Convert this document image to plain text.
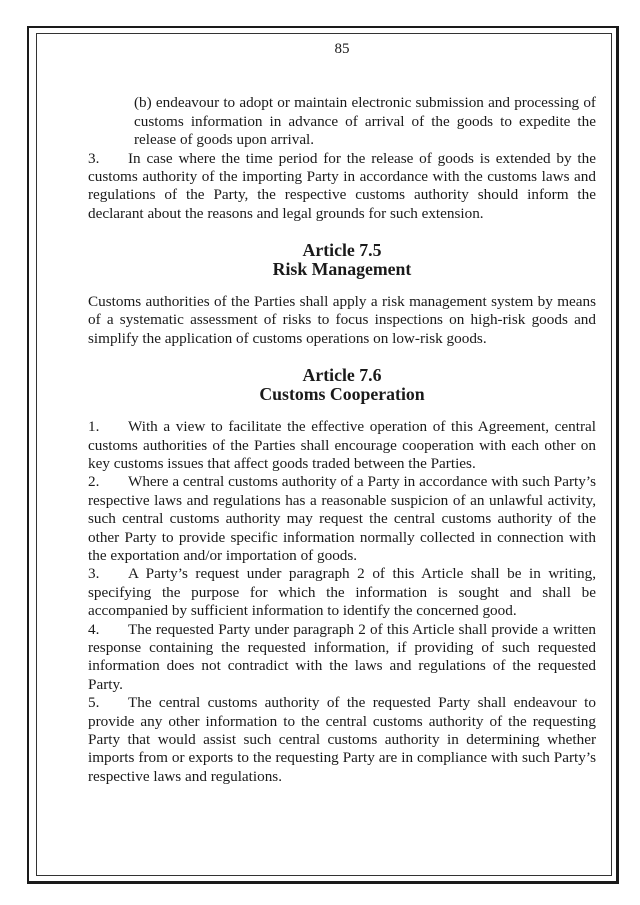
85

(b) endeavour to adopt or maintain electronic submission and processing of customs information in advance of arrival of the goods to expedite the release of goods upon arrival.

3. In case where the time period for the release of goods is extended by the customs authority of the importing Party in accordance with the customs laws and regulations of the Party, the respective customs authority should inform the declarant about the reasons and legal grounds for such extension.

Article 7.5
Risk Management

Customs authorities of the Parties shall apply a risk management system by means of a systematic assessment of risks to focus inspections on high-risk goods and simplify the application of customs operations on low-risk goods.

Article 7.6
Customs Cooperation

1. With a view to facilitate the effective operation of this Agreement, central customs authorities of the Parties shall encourage cooperation with each other on key customs issues that affect goods traded between the Parties.

2. Where a central customs authority of a Party in accordance with such Party’s respective laws and regulations has a reasonable suspicion of an unlawful activity, such central customs authority may request the central customs authority of the other Party to provide specific information normally collected in connection with the exportation and/or importation of goods.

3. A Party’s request under paragraph 2 of this Article shall be in writing, specifying the purpose for which the information is sought and shall be accompanied by sufficient information to identify the concerned good.

4. The requested Party under paragraph 2 of this Article shall provide a written response containing the requested information, if providing of such requested information does not contradict with the laws and regulations of the requested Party.

5. The central customs authority of the requested Party shall endeavour to provide any other information to the central customs authority of the requesting Party that would assist such central customs authority in determining whether imports from or exports to the requesting Party are in compliance with such Party’s respective laws and regulations.
